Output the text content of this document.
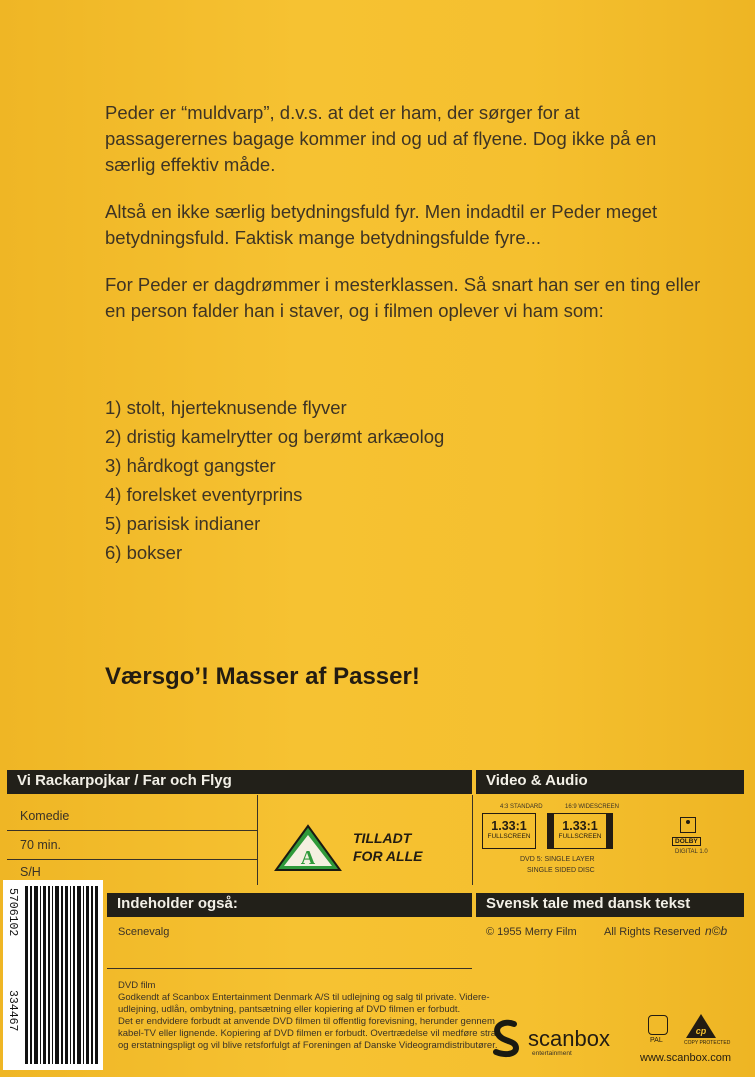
Peder er “muldvarp”, d.v.s. at det er ham, der sørger for at passagerernes bagage kommer ind og ud af flyene. Dog ikke på en særlig effektiv måde.

Altså en ikke særlig betydningsfuld fyr. Men indadtil er Peder meget betydningsfuld. Faktisk mange betydningsfulde fyre...

For Peder er dagdrømmer i mesterklassen. Så snart han ser en ting eller en person falder han i staver, og i filmen oplever vi ham som:

1) stolt, hjerteknusende flyver
2) dristig kamelrytter og berømt arkæolog
3) hårdkogt gangster
4) forelsket eventyrprins
5) parisisk indianer
6) bokser
Værsgo’! Masser af Passer!
Vi Rackarpojkar / Far och Flyg	Video & Audio
Komedie
70 min.
S/H
A
TILLADT
FOR ALLE
4:3 STANDARD
1.33:1
FULLSCREEN
16:9 WIDESCREEN
1.33:1
FULLSCREEN
DVD 5: SINGLE LAYER
SINGLE SIDED DISC
DOLBY
DIGITAL 1.0
Indeholder også:	Svensk tale med dansk tekst
Scenevalg	© 1955 Merry Film All Rights Reserved n©b
DVD film
Godkendt af Scanbox Entertainment Denmark A/S til udlejning og salg til private. Videre-
udlejning, udlån, ombytning, pantsætning eller kopiering af DVD filmen er forbudt.
Det er endvidere forbudt at anvende DVD filmen til offentlig forevisning, herunder gennem
kabel-TV eller lignende. Kopiering af DVD filmen er forbudt. Overtrædelse vil medføre straf
og erstatningspligt og vil blive retsforfulgt af Foreningen af Danske Videogramdistributører.
5706102
334467
scanbox
entertainment
PAL
cp
COPY PROTECTED
www.scanbox.com
